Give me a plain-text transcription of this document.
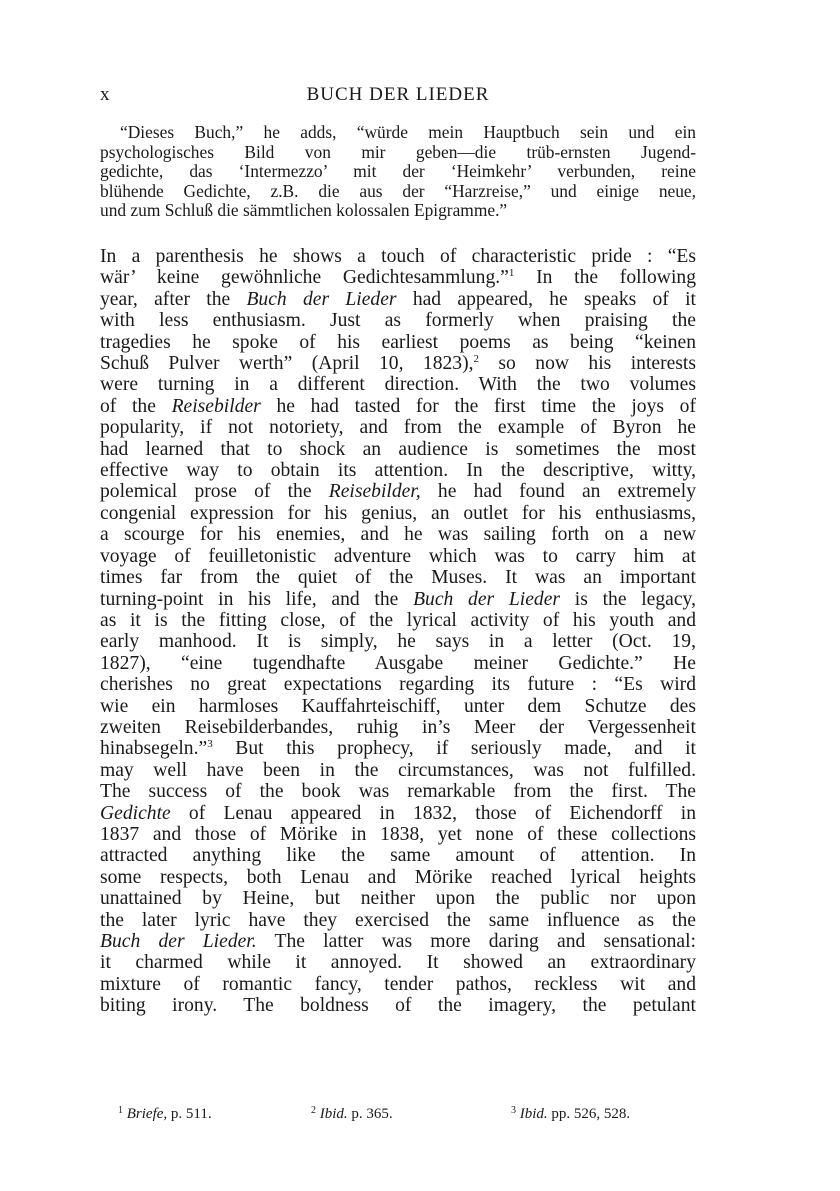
x	BUCH DER LIEDER
“Dieses Buch,” he adds, “würde mein Hauptbuch sein und ein
psychologisches Bild von mir geben—die trüb-ernsten Jugend-
gedichte, das ‘Intermezzo’ mit der ‘Heimkehr’ verbunden, reine
blühende Gedichte, z.B. die aus der “Harzreise,” und einige neue,
und zum Schluß die sämmtlichen kolossalen Epigramme.”
In a parenthesis he shows a touch of characteristic pride : “Es
wär’ keine gewöhnliche Gedichtesammlung.”$^1$ In the following
year, after the Buch der Lieder had appeared, he speaks of it
with less enthusiasm. Just as formerly when praising the
tragedies he spoke of his earliest poems as being “keinen
Schuß Pulver werth” (April 10, 1823),$^2$ so now his interests
were turning in a different direction. With the two volumes
of the Reisebilder he had tasted for the first time the joys of
popularity, if not notoriety, and from the example of Byron he
had learned that to shock an audience is sometimes the most
effective way to obtain its attention. In the descriptive, witty,
polemical prose of the Reisebilder, he had found an extremely
congenial expression for his genius, an outlet for his enthusiasms,
a scourge for his enemies, and he was sailing forth on a new
voyage of feuilletonistic adventure which was to carry him at
times far from the quiet of the Muses. It was an important
turning-point in his life, and the Buch der Lieder is the legacy,
as it is the fitting close, of the lyrical activity of his youth and
early manhood. It is simply, he says in a letter (Oct. 19,
1827), “eine tugendhafte Ausgabe meiner Gedichte.” He
cherishes no great expectations regarding its future : “Es wird
wie ein harmloses Kauffahrteischiff, unter dem Schutze des
zweiten Reisebilderbandes, ruhig in’s Meer der Vergessenheit
hinabsegeln.”$^3$ But this prophecy, if seriously made, and it
may well have been in the circumstances, was not fulfilled.
The success of the book was remarkable from the first. The
Gedichte of Lenau appeared in 1832, those of Eichendorff in
1837 and those of Mörike in 1838, yet none of these collections
attracted anything like the same amount of attention. In
some respects, both Lenau and Mörike reached lyrical heights
unattained by Heine, but neither upon the public nor upon
the later lyric have they exercised the same influence as the
Buch der Lieder. The latter was more daring and sensational:
it charmed while it annoyed. It showed an extraordinary
mixture of romantic fancy, tender pathos, reckless wit and
biting irony. The boldness of the imagery, the petulant
$^1$ Briefe, p. 511.	$^2$ Ibid. p. 365.	$^3$ Ibid. pp. 526, 528.
